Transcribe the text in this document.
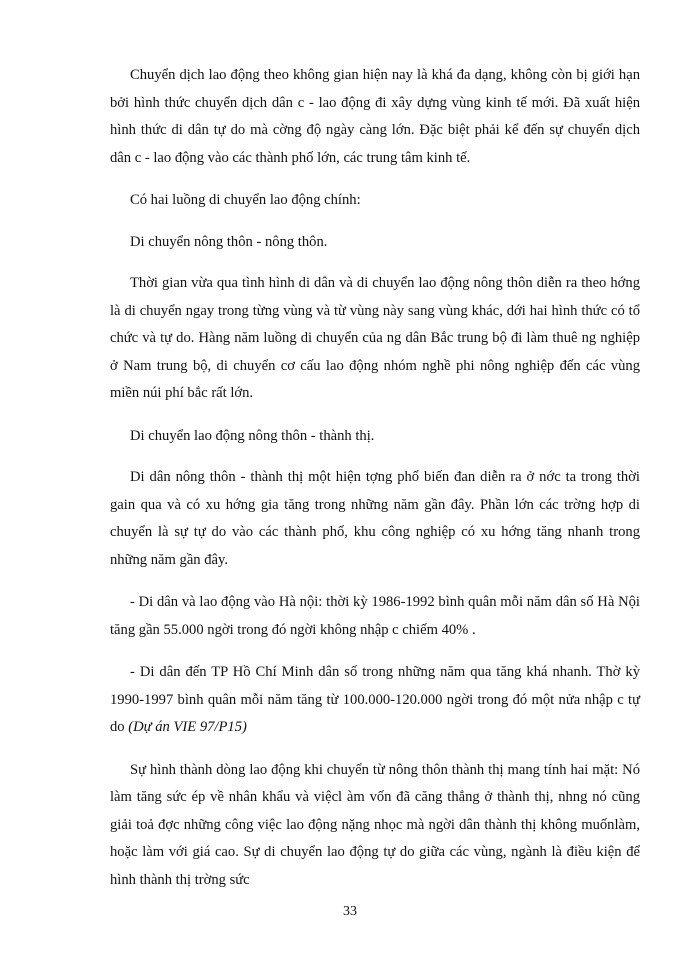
Chuyển dịch lao động theo không gian hiện nay là khá đa dạng, không còn bị giới hạn bởi hình thức chuyển dịch dân c - lao động đi xây dựng vùng kinh tế mới. Đã xuất hiện hình thức di dân tự do mà cờng độ ngày càng lớn. Đặc biệt phải kể đến sự chuyển dịch dân c - lao động vào các thành phố lớn, các trung tâm kinh tế.

Có hai luồng di chuyển lao động chính:

Di chuyển nông thôn - nông thôn.

Thời gian vừa qua tình hình di dân và di chuyển lao động nông thôn diễn ra theo hớng là di chuyển ngay trong từng vùng và từ vùng này sang vùng khác, dới hai hình thức có tổ chức và tự do. Hàng năm luồng di chuyển của ng dân Bắc trung bộ đi làm thuê ng nghiệp ở Nam trung bộ, di chuyển cơ cấu lao động nhóm nghề phi nông nghiệp đến các vùng miền núi phí bắc rất lớn.

Di chuyển lao động nông thôn - thành thị.

Di dân nông thôn - thành thị một hiện tợng phổ biến đan diễn ra ở nớc ta trong thời gain qua và có xu hớng gia tăng trong những năm gần đây. Phần lớn các trờng hợp di chuyển là sự tự do vào các thành phố, khu công nghiệp có xu hớng tăng nhanh trong những năm gần đây.

- Di dân và lao động vào Hà nội: thời kỳ 1986-1992 bình quân mỗi năm dân số Hà Nội tăng gần 55.000 ngời trong đó ngời không nhập c chiếm 40% .

- Di dân đến TP Hồ Chí Minh dân số trong những năm qua tăng khá nhanh. Thờ kỳ 1990-1997 bình quân mỗi năm tăng từ 100.000-120.000 ngời trong đó một nửa nhập c tự do (Dự án VIE 97/P15)

Sự hình thành dòng lao động khi chuyển từ nông thôn thành thị mang tính hai mặt: Nó làm tăng sức ép về nhân khẩu và việcl àm vốn đã căng thẳng ở thành thị, nhng nó cũng giải toả đợc những công việc lao động nặng nhọc mà ngời dân thành thị không muốnlàm, hoặc làm với giá cao. Sự di chuyển lao động tự do giữa các vùng, ngành là điều kiện để hình thành thị trờng sức

33
